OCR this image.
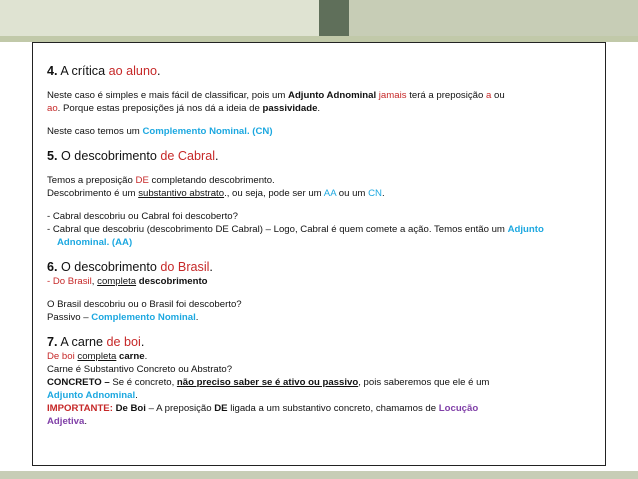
4. A crítica ao aluno.

Neste caso é simples e mais fácil de classificar, pois um Adjunto Adnominal jamais terá a preposição a ou
ao. Porque estas preposições já nos dá a ideia de passividade.

Neste caso temos um Complemento Nominal. (CN)

5. O descobrimento de Cabral.

Temos a preposição DE completando descobrimento.

Descobrimento é um substantivo abstrato., ou seja, pode ser um AA ou um CN.

- Cabral descobriu ou Cabral foi descoberto?

- Cabral que descobriu (descobrimento DE Cabral) – Logo, Cabral é quem comete a ação. Temos então um Adjunto Adnominal. (AA)

6. O descobrimento do Brasil.

- Do Brasil, completa descobrimento

O Brasil descobriu ou o Brasil foi descoberto?

Passivo – Complemento Nominal.

7. A carne de boi.

De boi completa carne.

Carne é Substantivo Concreto ou Abstrato?

CONCRETO – Se é concreto, não preciso saber se é ativo ou passivo, pois saberemos que ele é um

Adjunto Adnominal.

IMPORTANTE: De Boi – A preposição DE ligada a um substantivo concreto, chamamos de Locução

Adjetiva.
